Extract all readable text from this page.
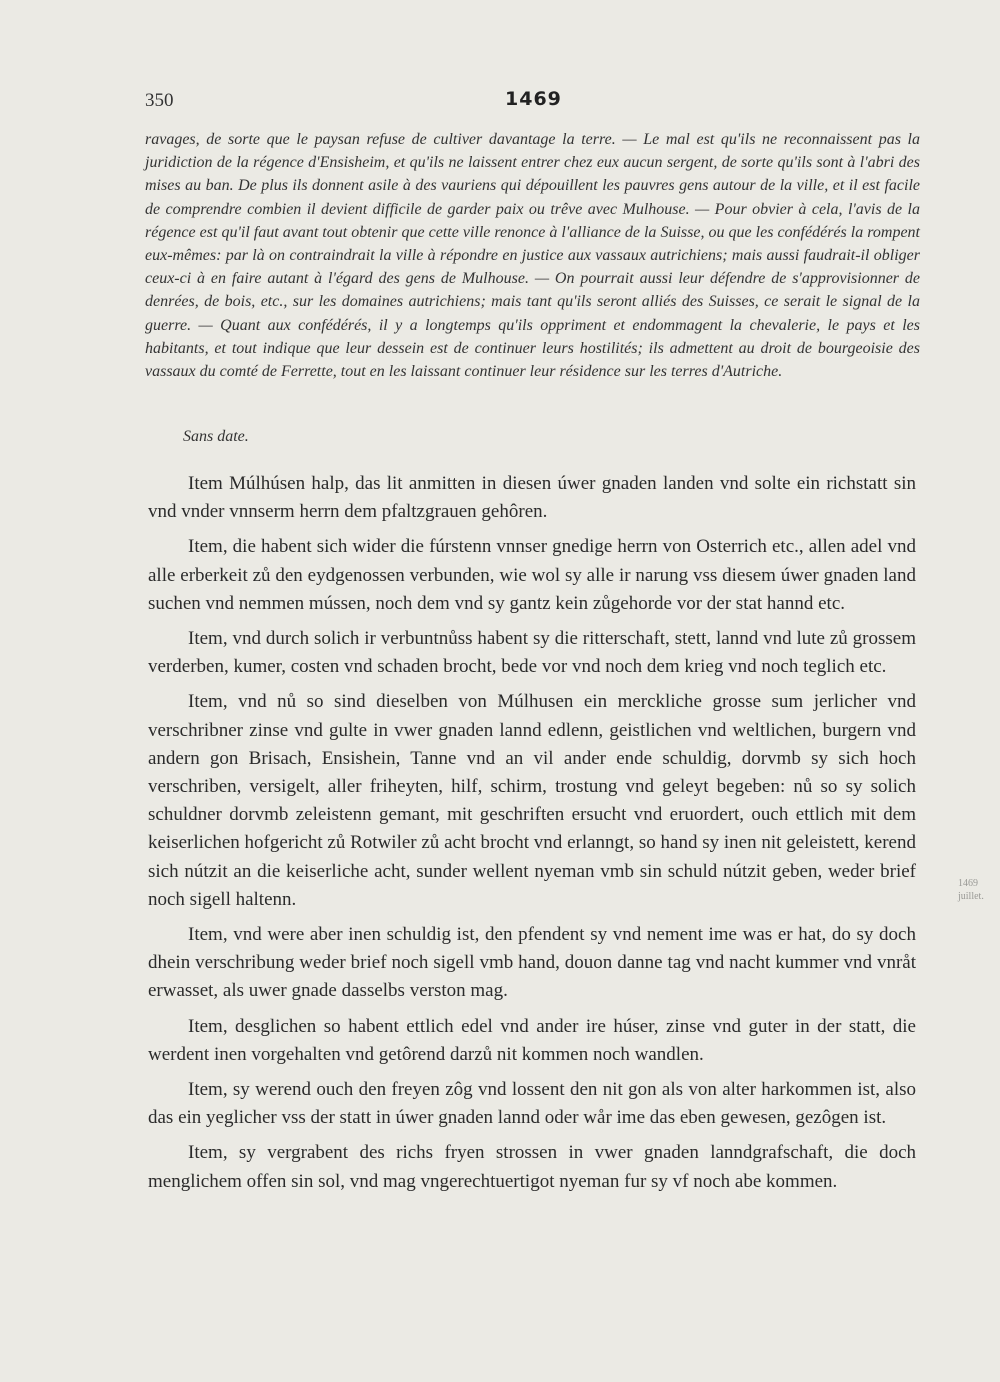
350	1469

ravages, de sorte que le paysan refuse de cultiver davantage la terre. — Le mal est qu'ils ne reconnaissent pas la juridiction de la régence d'Ensisheim, et qu'ils ne laissent entrer chez eux aucun sergent, de sorte qu'ils sont à l'abri des mises au ban. De plus ils donnent asile à des vauriens qui dépouillent les pauvres gens autour de la ville, et il est facile de comprendre combien il devient difficile de garder paix ou trêve avec Mulhouse. — Pour obvier à cela, l'avis de la régence est qu'il faut avant tout obtenir que cette ville renonce à l'alliance de la Suisse, ou que les confédérés la rompent eux-mêmes: par là on contraindrait la ville à répondre en justice aux vassaux autrichiens; mais aussi faudrait-il obliger ceux-ci à en faire autant à l'égard des gens de Mulhouse. — On pourrait aussi leur défendre de s'approvisionner de denrées, de bois, etc., sur les domaines autrichiens; mais tant qu'ils seront alliés des Suisses, ce serait le signal de la guerre. — Quant aux confédérés, il y a longtemps qu'ils oppriment et endommagent la chevalerie, le pays et les habitants, et tout indique que leur dessein est de continuer leurs hostilités; ils admettent au droit de bourgeoisie des vassaux du comté de Ferrette, tout en les laissant continuer leur résidence sur les terres d'Autriche.

Sans date.

Item Múlhúsen halp, das lit anmitten in diesen úwer gnaden landen vnd solte ein richstatt sin vnd vnder vnnserm herrn dem pfaltzgrauen gehôren.

Item, die habent sich wider die fúrstenn vnnser gnedige herrn von Osterrich etc., allen adel vnd alle erberkeit zů den eydgenossen verbunden, wie wol sy alle ir narung vss diesem úwer gnaden land suchen vnd nemmen mússen, noch dem vnd sy gantz kein zůgehorde vor der stat hannd etc.

Item, vnd durch solich ir verbuntnůss habent sy die ritterschaft, stett, lannd vnd lute zů grossem verderben, kumer, costen vnd schaden brocht, bede vor vnd noch dem krieg vnd noch teglich etc.

Item, vnd nů so sind dieselben von Múlhusen ein merckliche grosse sum jerlicher vnd verschribner zinse vnd gulte in vwer gnaden lannd edlenn, geistlichen vnd weltlichen, burgern vnd andern gon Brisach, Ensishein, Tanne vnd an vil ander ende schuldig, dorvmb sy sich hoch verschriben, versigelt, aller friheyten, hilf, schirm, trostung vnd geleyt begeben: nů so sy solich schuldner dorvmb zeleistenn gemant, mit geschriften ersucht vnd eruordert, ouch ettlich mit dem keiserlichen hofgericht zů Rotwiler zů acht brocht vnd erlanngt, so hand sy inen nit geleistett, kerend sich nútzit an die keiserliche acht, sunder wellent nyeman vmb sin schuld nútzit geben, weder brief noch sigell haltenn.

Item, vnd were aber inen schuldig ist, den pfendent sy vnd nement ime was er hat, do sy doch dhein verschribung weder brief noch sigell vmb hand, douon danne tag vnd nacht kummer vnd vnråt erwasset, als uwer gnade dasselbs verston mag.

Item, desglichen so habent ettlich edel vnd ander ire húser, zinse vnd guter in der statt, die werdent inen vorgehalten vnd getôrend darzů nit kommen noch wandlen.

Item, sy werend ouch den freyen zôg vnd lossent den nit gon als von alter harkommen ist, also das ein yeglicher vss der statt in úwer gnaden lannd oder wår ime das eben gewesen, gezôgen ist.

Item, sy vergrabent des richs fryen strossen in vwer gnaden lanndgrafschaft, die doch menglichem offen sin sol, vnd mag vngerechtuertigot nyeman fur sy vf noch abe kommen.

1469 juillet.
